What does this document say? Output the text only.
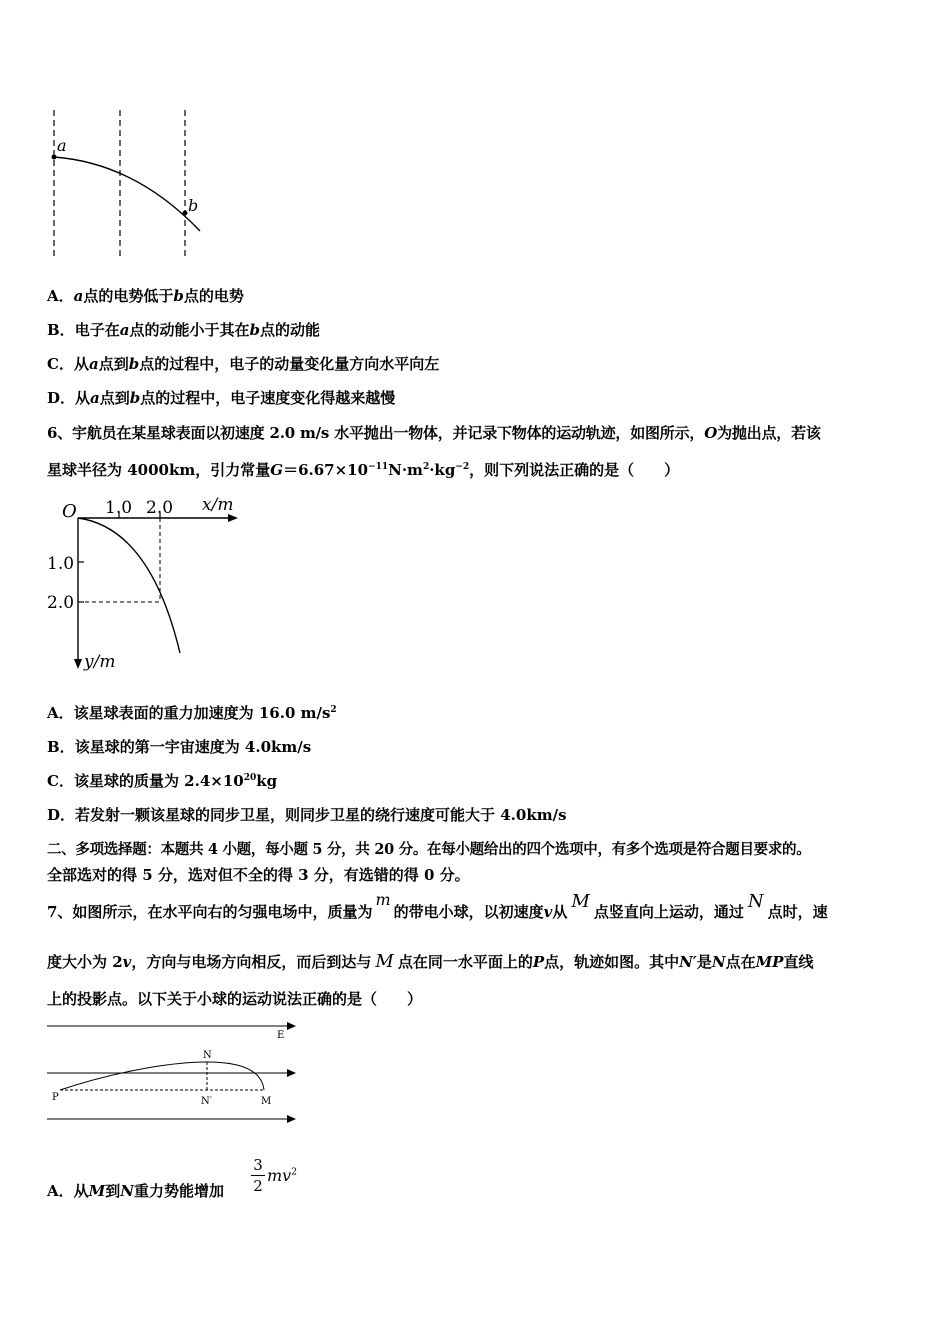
a
b
A．a点的电势低于b点的电势
B．电子在a点的动能小于其在b点的动能
C．从a点到b点的过程中，电子的动量变化量方向水平向左
D．从a点到b点的过程中，电子速度变化得越来越慢
6、宇航员在某星球表面以初速度 2.0 m/s 水平抛出一物体，并记录下物体的运动轨迹，如图所示，O为抛出点，若该
星球半径为 4000km，引力常量$G=6.67\times 10^{-11}N\cdot m^2\cdot kg^{-2}$，则下列说法正确的是（　　）
O 1.0 2.0 x/m
1.0
2.0
y/m
A．该星球表面的重力加速度为 16.0 $m/s^2$
B．该星球的第一宇宙速度为 4.0km/s
C．该星球的质量为 $2.4\times 10^{20}kg$
D．若发射一颗该星球的同步卫星，则同步卫星的绕行速度可能大于 4.0km/s
二、多项选择题：本题共 4 小题，每小题 5 分，共 20 分。在每小题给出的四个选项中，有多个选项是符合题目要求的。
全部选对的得 5 分，选对但不全的得 3 分，有选错的得 0 分。
7、如图所示，在水平向右的匀强电场中，质量为m的带电小球，以初速度v从 M 点竖直向上运动，通过 N 点时，速
度大小为 2v，方向与电场方向相反，而后到达与 M 点在同一水平面上的P点，轨迹如图。其中N′是N点在MP直线
上的投影点。以下关于小球的运动说法正确的是（　　）
E
N
P	N′	M
A．从M到N重力势能增加
3
2
$mv^2$
